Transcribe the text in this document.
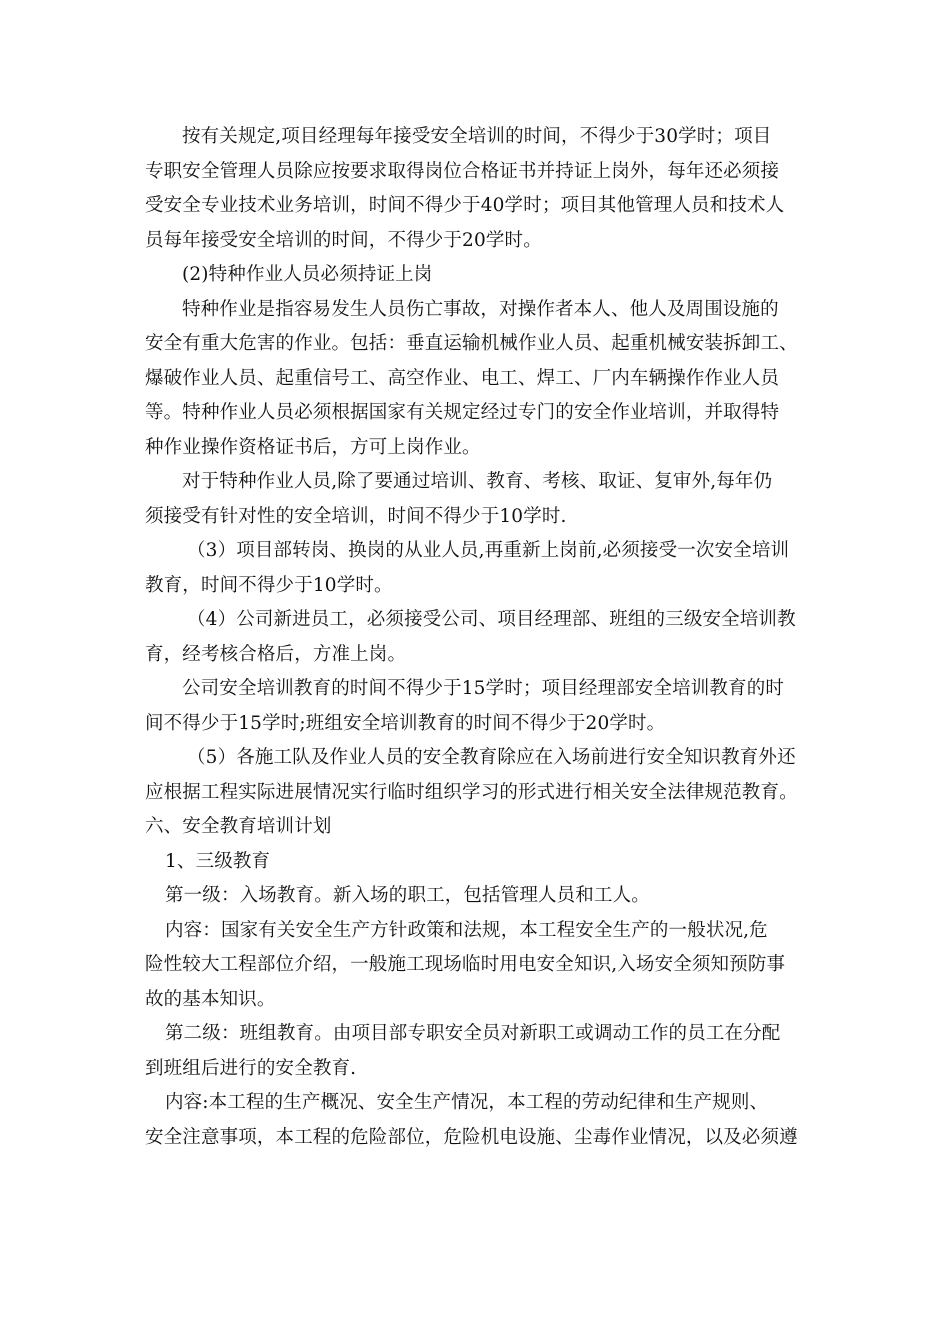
按有关规定,项目经理每年接受安全培训的时间，不得少于30学时；项目
专职安全管理人员除应按要求取得岗位合格证书并持证上岗外，每年还必须接
受安全专业技术业务培训，时间不得少于40学时；项目其他管理人员和技术人
员每年接受安全培训的时间，不得少于20学时。
(2)特种作业人员必须持证上岗
特种作业是指容易发生人员伤亡事故，对操作者本人、他人及周围设施的
安全有重大危害的作业。包括：垂直运输机械作业人员、起重机械安装拆卸工、
爆破作业人员、起重信号工、高空作业、电工、焊工、厂内车辆操作作业人员
等。特种作业人员必须根据国家有关规定经过专门的安全作业培训，并取得特
种作业操作资格证书后，方可上岗作业。
对于特种作业人员,除了要通过培训、教育、考核、取证、复审外,每年仍
须接受有针对性的安全培训，时间不得少于10学时.
（3）项目部转岗、换岗的从业人员,再重新上岗前,必须接受一次安全培训
教育，时间不得少于10学时。
（4）公司新进员工，必须接受公司、项目经理部、班组的三级安全培训教
育，经考核合格后，方准上岗。
公司安全培训教育的时间不得少于15学时；项目经理部安全培训教育的时
间不得少于15学时;班组安全培训教育的时间不得少于20学时。
（5）各施工队及作业人员的安全教育除应在入场前进行安全知识教育外还
应根据工程实际进展情况实行临时组织学习的形式进行相关安全法律规范教育。
六、安全教育培训计划
1、三级教育
第一级：入场教育。新入场的职工，包括管理人员和工人。
内容：国家有关安全生产方针政策和法规，本工程安全生产的一般状况,危
险性较大工程部位介绍，一般施工现场临时用电安全知识,入场安全须知预防事
故的基本知识。
第二级：班组教育。由项目部专职安全员对新职工或调动工作的员工在分配
到班组后进行的安全教育.
内容:本工程的生产概况、安全生产情况，本工程的劳动纪律和生产规则、
安全注意事项，本工程的危险部位，危险机电设施、尘毒作业情况，以及必须遵
